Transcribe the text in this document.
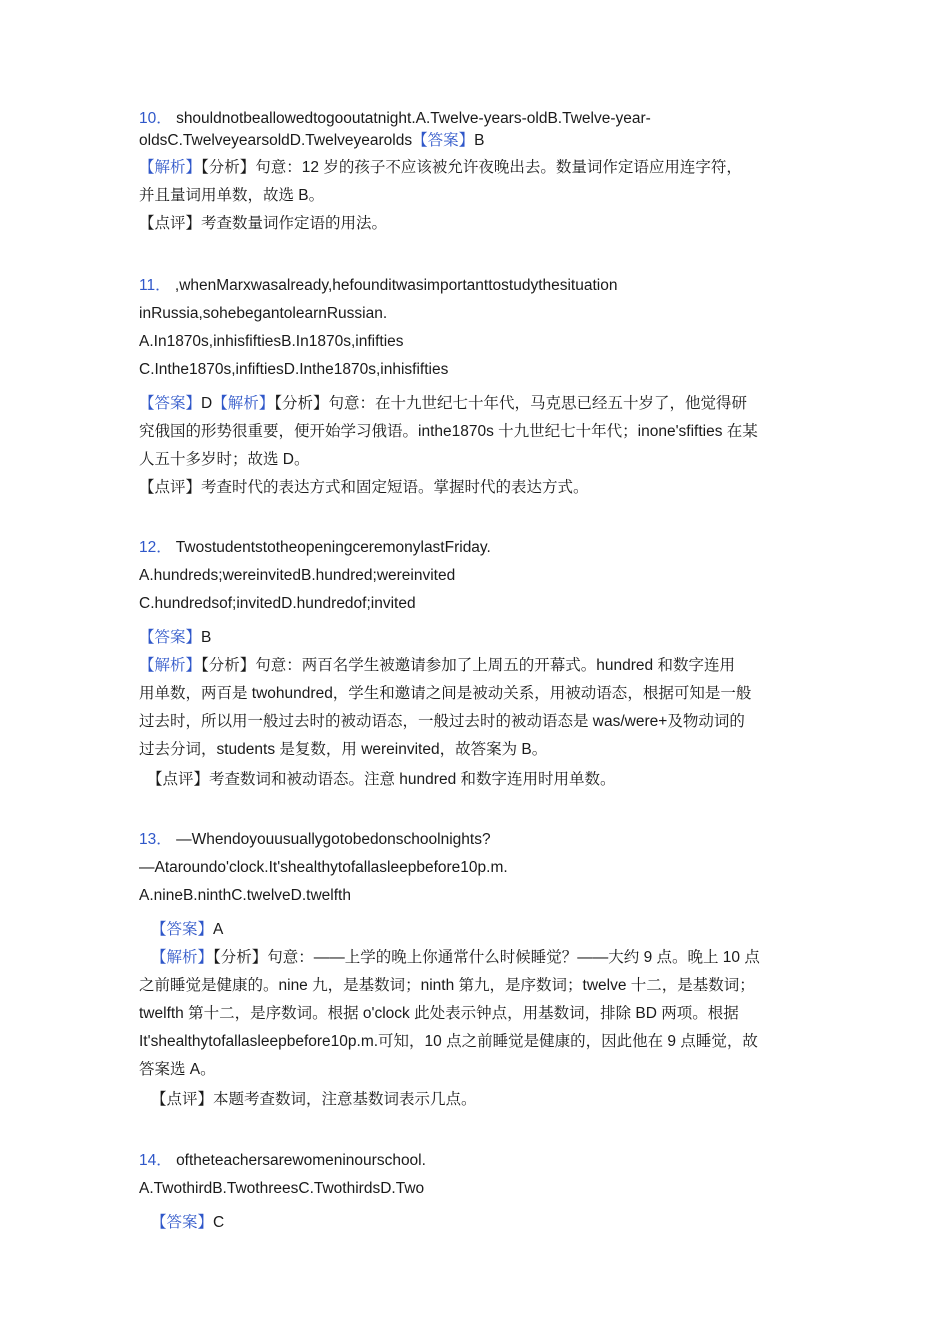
10． shouldnotbeallowedtogooutatnight.A.Twelve-years-oldB.Twelve-year-
oldsC.TwelveyearsoldD.Twelveyearolds【答案】B
【解析】【分析】句意：12 岁的孩子不应该被允许夜晚出去。数量词作定语应用连字符，
并且量词用单数，故选 B。
【点评】考查数量词作定语的用法。
11． ,whenMarxwasalready,hefounditwasimportanttostudythesituation
inRussia,sohebegantolearnRussian.
A.In1870s,inhisfiftiesB.In1870s,infifties
C.Inthe1870s,infiftiesD.Inthe1870s,inhisfifties
【答案】D【解析】【分析】句意：在十九世纪七十年代，马克思已经五十岁了，他觉得研
究俄国的形势很重要，便开始学习俄语。inthe1870s 十九世纪七十年代；inone'sfifties 在某
人五十多岁时；故选 D。
【点评】考查时代的表达方式和固定短语。掌握时代的表达方式。
12． TwostudentstotheopeningceremonylastFriday.
A.hundreds;wereinvitedB.hundred;wereinvited
C.hundredsof;invitedD.hundredof;invited
【答案】B
【解析】【分析】句意：两百名学生被邀请参加了上周五的开幕式。hundred 和数字连用
用单数，两百是 twohundred，学生和邀请之间是被动关系，用被动语态，根据可知是一般
过去时，所以用一般过去时的被动语态，一般过去时的被动语态是 was/were+及物动词的
过去分词，students 是复数，用 wereinvited，故答案为 B。
【点评】考查数词和被动语态。注意 hundred 和数字连用时用单数。
13． —Whendoyouusuallygotobedonschoolnights?
—Ataroundo'clock.It'shealthytofallasleepbefore10p.m.
A.nineB.ninthC.twelveD.twelfth
【答案】A
【解析】【分析】句意：——上学的晚上你通常什么时候睡觉？——大约 9 点。晚上 10 点
之前睡觉是健康的。nine 九，是基数词；ninth 第九，是序数词；twelve 十二，是基数词；
twelfth 第十二，是序数词。根据 o'clock 此处表示钟点，用基数词，排除 BD 两项。根据
It'shealthytofallasleepbefore10p.m.可知，10 点之前睡觉是健康的，因此他在 9 点睡觉，故
答案选 A。
【点评】本题考查数词，注意基数词表示几点。
14． oftheteachersarewomeninourschool.
A.TwothirdB.TwothreesC.TwothirdsD.Two
【答案】C
